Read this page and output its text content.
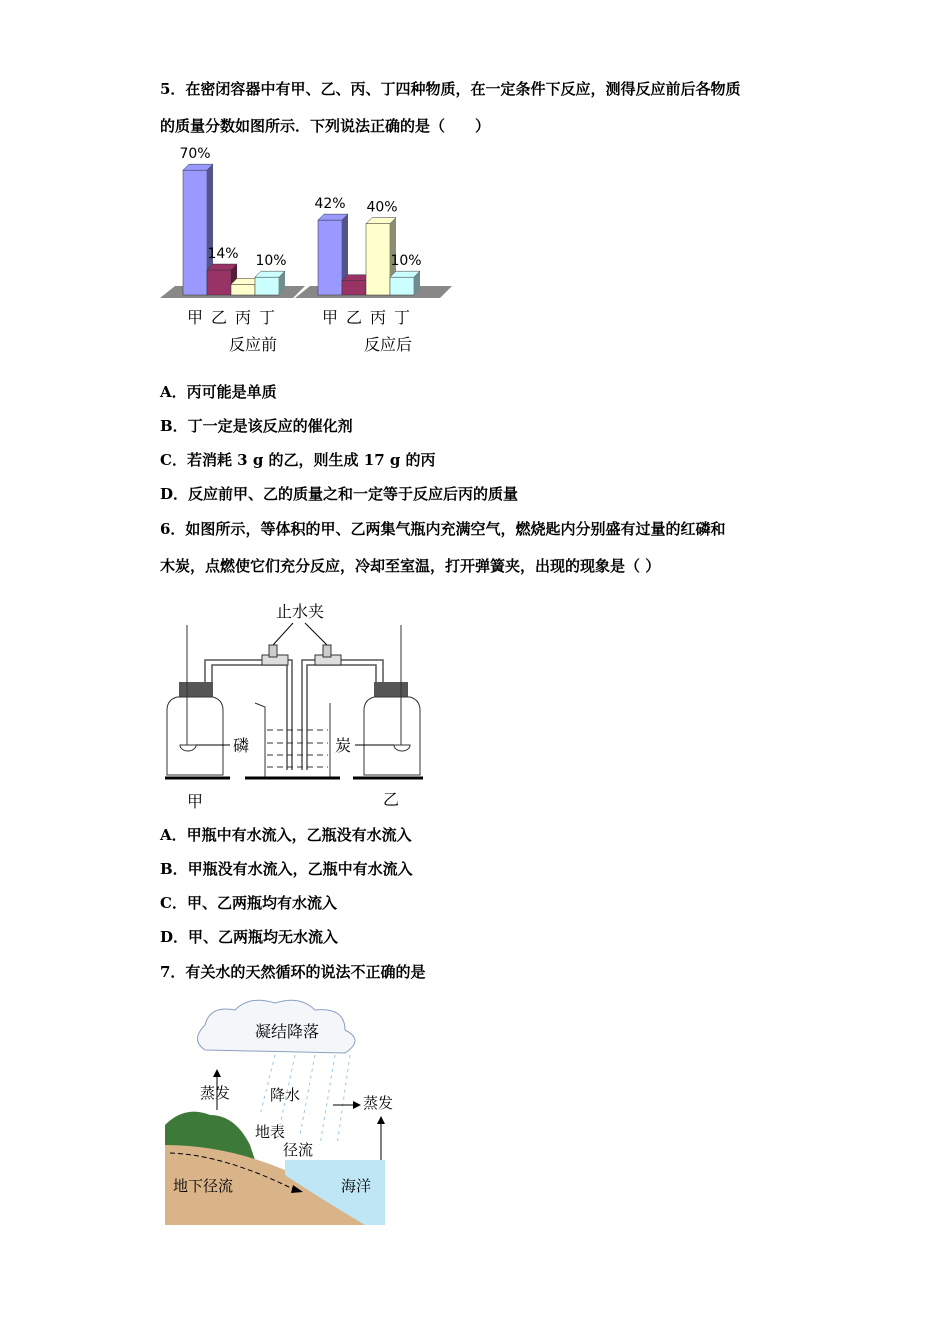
5．在密闭容器中有甲、乙、丙、丁四种物质，在一定条件下反应，测得反应前后各物质
的质量分数如图所示．下列说法正确的是（　　）
70%
甲
14%
乙 丙
10%
丁
反应前
42%
甲 乙
40%
丙
10%
丁
反应后
A．丙可能是单质
B．丁一定是该反应的催化剂
C．若消耗 3 g 的乙，则生成 17 g 的丙
D．反应前甲、乙的质量之和一定等于反应后丙的质量
6．如图所示，等体积的甲、乙两集气瓶内充满空气，燃烧匙内分别盛有过量的红磷和
木炭，点燃使它们充分反应，冷却至室温，打开弹簧夹，出现的现象是（ ）
止水夹
磷	炭
甲	乙
A．甲瓶中有水流入，乙瓶没有水流入
B．甲瓶没有水流入，乙瓶中有水流入
C．甲、乙两瓶均有水流入
D．甲、乙两瓶均无水流入
7．有关水的天然循环的说法不正确的是
凝结降落
蒸发	降水	蒸发
地表
径流
地下径流	海洋
